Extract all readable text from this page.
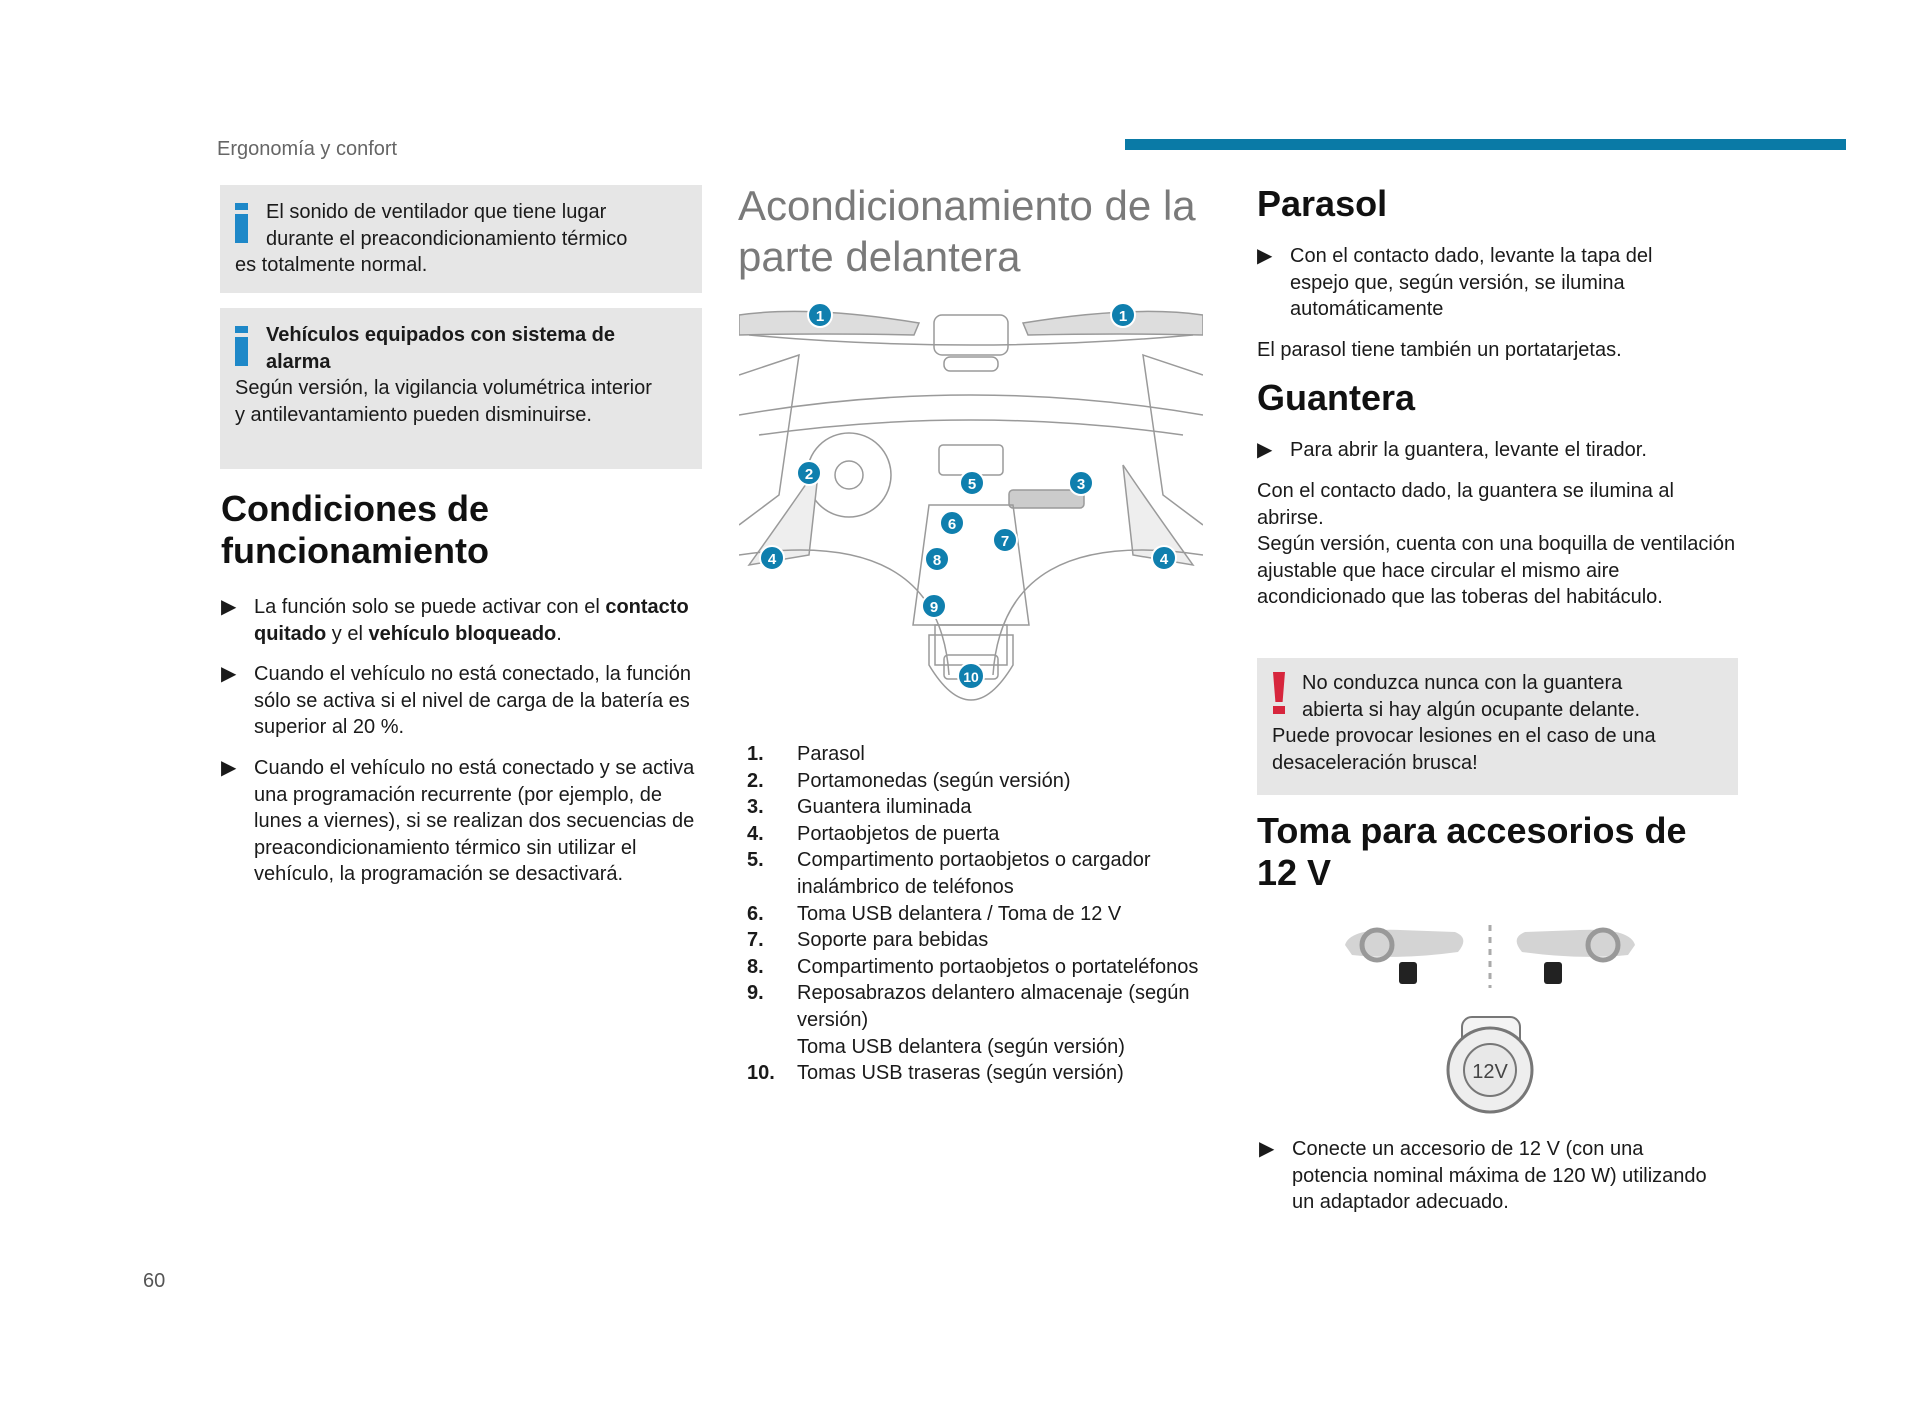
Ergonomía y confort
El sonido de ventilador que tiene lugar
durante el preacondicionamiento térmico
es totalmente normal.
Vehículos equipados con sistema de
alarma
Según versión, la vigilancia volumétrica interior y antilevantamiento pueden disminuirse.
Condiciones de
funcionamiento
▶ La función solo se puede activar con el contacto quitado y el vehículo bloqueado.
▶ Cuando el vehículo no está conectado, la función sólo se activa si el nivel de carga de la batería es superior al 20 %.
▶ Cuando el vehículo no está conectado y se activa una programación recurrente (por ejemplo, de lunes a viernes), si se realizan dos secuencias de preacondicionamiento térmico sin utilizar el vehículo, la programación se desactivará.
Acondicionamiento de la
parte delantera
1	1
2
3
4	4
5
6
7
8
9
10
1.	Parasol
2.	Portamonedas (según versión)
3.	Guantera iluminada
4.	Portaobjetos de puerta
5.	Compartimento portaobjetos o cargador inalámbrico de teléfonos
6.	Toma USB delantera / Toma de 12 V
7.	Soporte para bebidas
8.	Compartimento portaobjetos o portateléfonos
9.	Reposabrazos delantero almacenaje (según versión)
Toma USB delantera (según versión)
10.	Tomas USB traseras (según versión)
Parasol
▶ Con el contacto dado, levante la tapa del espejo que, según versión, se ilumina automáticamente

El parasol tiene también un portatarjetas.

Guantera
▶ Para abrir la guantera, levante el tirador.
Con el contacto dado, la guantera se ilumina al abrirse.
Según versión, cuenta con una boquilla de ventilación ajustable que hace circular el mismo aire acondicionado que las toberas del habitáculo.
No conduzca nunca con la guantera
abierta si hay algún ocupante delante.
Puede provocar lesiones en el caso de una desaceleración brusca!
Toma para accesorios de
12 V
12V
▶ Conecte un accesorio de 12 V (con una potencia nominal máxima de 120 W) utilizando un adaptador adecuado.
60
